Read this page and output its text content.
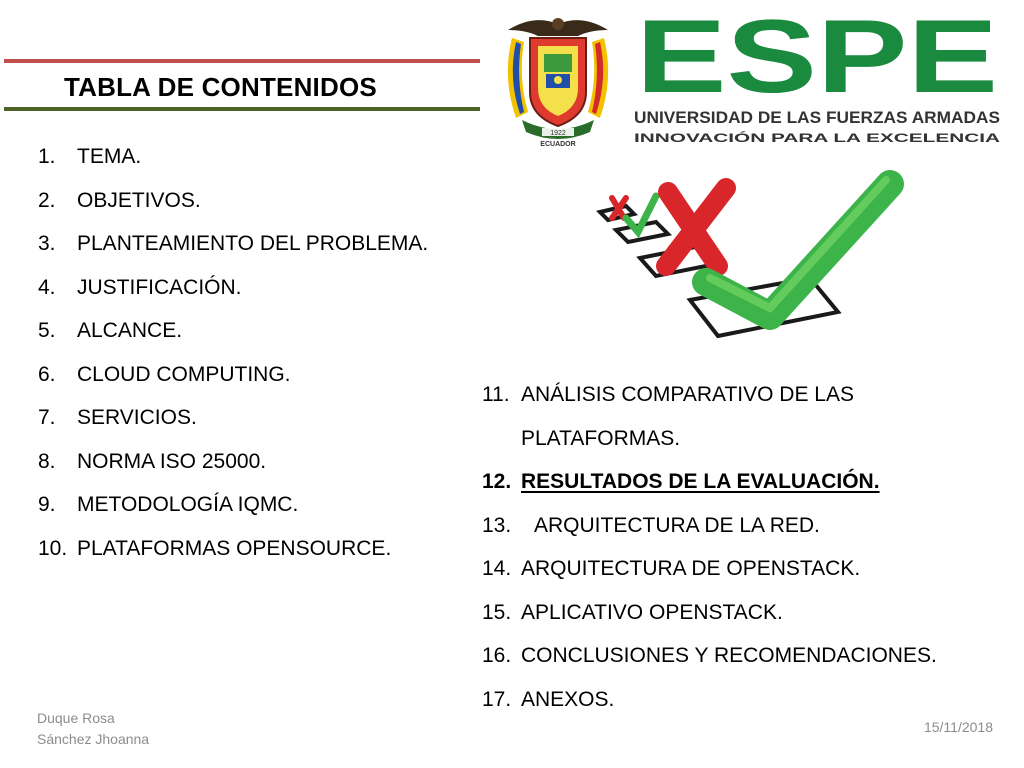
TABLA DE CONTENIDOS
1922
ECUADOR
ESPE
UNIVERSIDAD DE LAS FUERZAS ARMADAS
INNOVACIÓN PARA LA EXCELENCIA
1. TEMA.
2. OBJETIVOS.
3. PLANTEAMIENTO DEL PROBLEMA.
4. JUSTIFICACIÓN.
5. ALCANCE.
6. CLOUD COMPUTING.
7. SERVICIOS.
8. NORMA ISO 25000.
9. METODOLOGÍA IQMC.
10. PLATAFORMAS OPENSOURCE.
11. ANÁLISIS COMPARATIVO DE LAS PLATAFORMAS.
12. RESULTADOS DE LA EVALUACIÓN.
13. ARQUITECTURA DE LA RED.
14. ARQUITECTURA DE OPENSTACK.
15. APLICATIVO OPENSTACK.
16. CONCLUSIONES Y RECOMENDACIONES.
17. ANEXOS.
Duque Rosa
Sánchez Jhoanna
15/11/2018
